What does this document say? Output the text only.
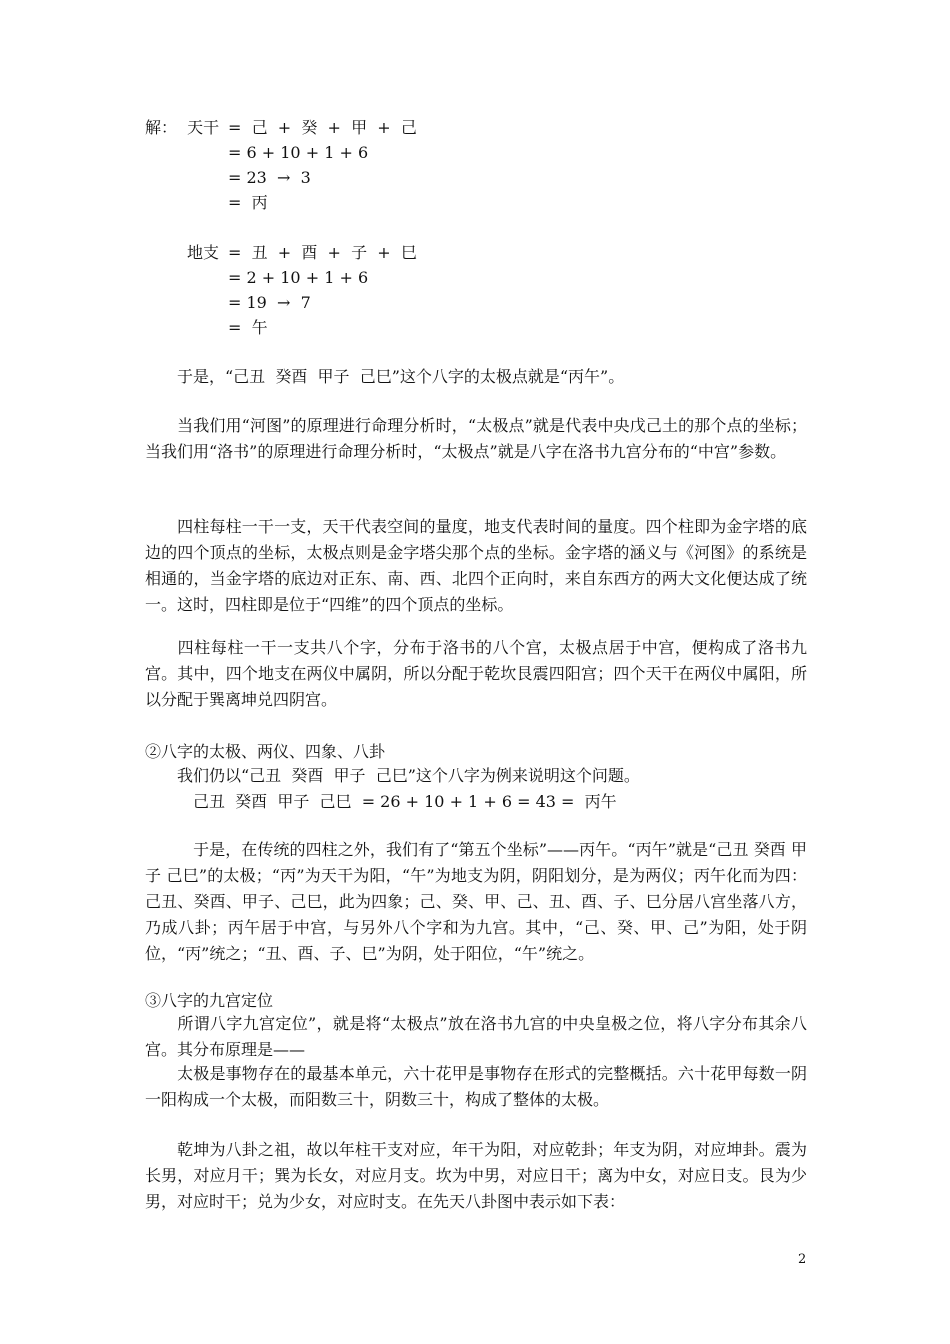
解：  天干 =  己  +  癸  +  甲  +  己
= 6 + 10 + 1 + 6
= 23  →  3
=  丙
地支 =  丑  +  酉  +  子  +  巳
= 2 + 10 + 1 + 6
= 19  →  7
=  午
于是，“己丑  癸酉  甲子  己巳”这个八字的太极点就是“丙午”。
当我们用“河图”的原理进行命理分析时，“太极点”就是代表中央戊己土的那个点的坐标；当我们用“洛书”的原理进行命理分析时，“太极点”就是八字在洛书九宫分布的“中宫”参数。
四柱每柱一干一支，天干代表空间的量度，地支代表时间的量度。四个柱即为金字塔的底边的四个顶点的坐标，太极点则是金字塔尖那个点的坐标。金字塔的涵义与《河图》的系统是相通的，当金字塔的底边对正东、南、西、北四个正向时，来自东西方的两大文化便达成了统一。这时，四柱即是位于“四维”的四个顶点的坐标。
四柱每柱一干一支共八个字，分布于洛书的八个宫，太极点居于中宫，便构成了洛书九宫。其中，四个地支在两仪中属阴，所以分配于乾坎艮震四阳宫；四个天干在两仪中属阳，所以分配于巽离坤兑四阴宫。
②八字的太极、两仪、四象、八卦
我们仍以“己丑  癸酉  甲子  己巳”这个八字为例来说明这个问题。
己丑  癸酉  甲子  己巳  = 26 + 10 + 1 + 6 = 43 =  丙午
于是，在传统的四柱之外，我们有了“第五个坐标”——丙午。“丙午”就是“己丑 癸酉 甲子 己巳”的太极；“丙”为天干为阳，“午”为地支为阴，阴阳划分，是为两仪；丙午化而为四：己丑、癸酉、甲子、己巳，此为四象；己、癸、甲、己、丑、酉、子、巳分居八宫坐落八方，乃成八卦；丙午居于中宫，与另外八个字和为九宫。其中，“己、癸、甲、己”为阳，处于阴位，“丙”统之；“丑、酉、子、巳”为阴，处于阳位，“午”统之。
③八字的九宫定位
所谓八字九宫定位”，就是将“太极点”放在洛书九宫的中央皇极之位，将八字分布其余八宫。其分布原理是——
太极是事物存在的最基本单元，六十花甲是事物存在形式的完整概括。六十花甲每数一阴一阳构成一个太极，而阳数三十，阴数三十，构成了整体的太极。
乾坤为八卦之祖，故以年柱干支对应，年干为阳，对应乾卦；年支为阴，对应坤卦。震为长男，对应月干；巽为长女，对应月支。坎为中男，对应日干；离为中女，对应日支。艮为少男，对应时干；兑为少女，对应时支。在先天八卦图中表示如下表：
2
